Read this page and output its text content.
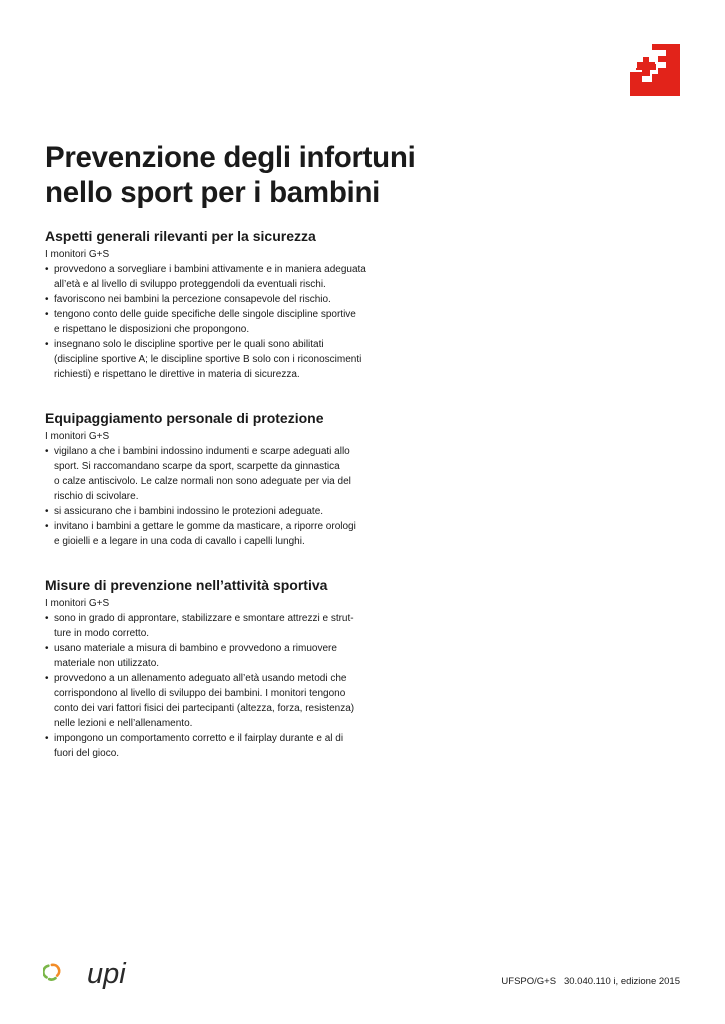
Prevenzione degli infortuni
nello sport per i bambini
Aspetti generali rilevanti per la sicurezza

I monitori G+S

• provvedono a sorvegliare i bambini attivamente e in maniera adeguata
all’età e al livello di sviluppo proteggendoli da eventuali rischi.
• favoriscono nei bambini la percezione consapevole del rischio.
• tengono conto delle guide specifiche delle singole discipline sportive
e rispettano le disposizioni che propongono.
• insegnano solo le discipline sportive per le quali sono abilitati
(discipline sportive A; le discipline sportive B solo con i riconoscimenti
richiesti) e rispettano le direttive in materia di sicurezza.
Equipaggiamento personale di protezione

I monitori G+S

• vigilano a che i bambini indossino indumenti e scarpe adeguati allo
sport. Si raccomandano scarpe da sport, scarpette da ginnastica
o calze antiscivolo. Le calze normali non sono adeguate per via del
rischio di scivolare.
• si assicurano che i bambini indossino le protezioni adeguate.
• invitano i bambini a gettare le gomme da masticare, a riporre orologi
e gioielli e a legare in una coda di cavallo i capelli lunghi.
Misure di prevenzione nell’attività sportiva

I monitori G+S

• sono in grado di approntare, stabilizzare e smontare attrezzi e strut-
ture in modo corretto.
• usano materiale a misura di bambino e provvedono a rimuovere
materiale non utilizzato.
• provvedono a un allenamento adeguato all’età usando metodi che
corrispondono al livello di sviluppo dei bambini. I monitori tengono
conto dei vari fattori fisici dei partecipanti (altezza, forza, resistenza)
nelle lezioni e nell’allenamento.
• impongono un comportamento corretto e il fairplay durante e al di
fuori del gioco.
upi	UFSPO/G+S   30.040.110 i, edizione 2015
